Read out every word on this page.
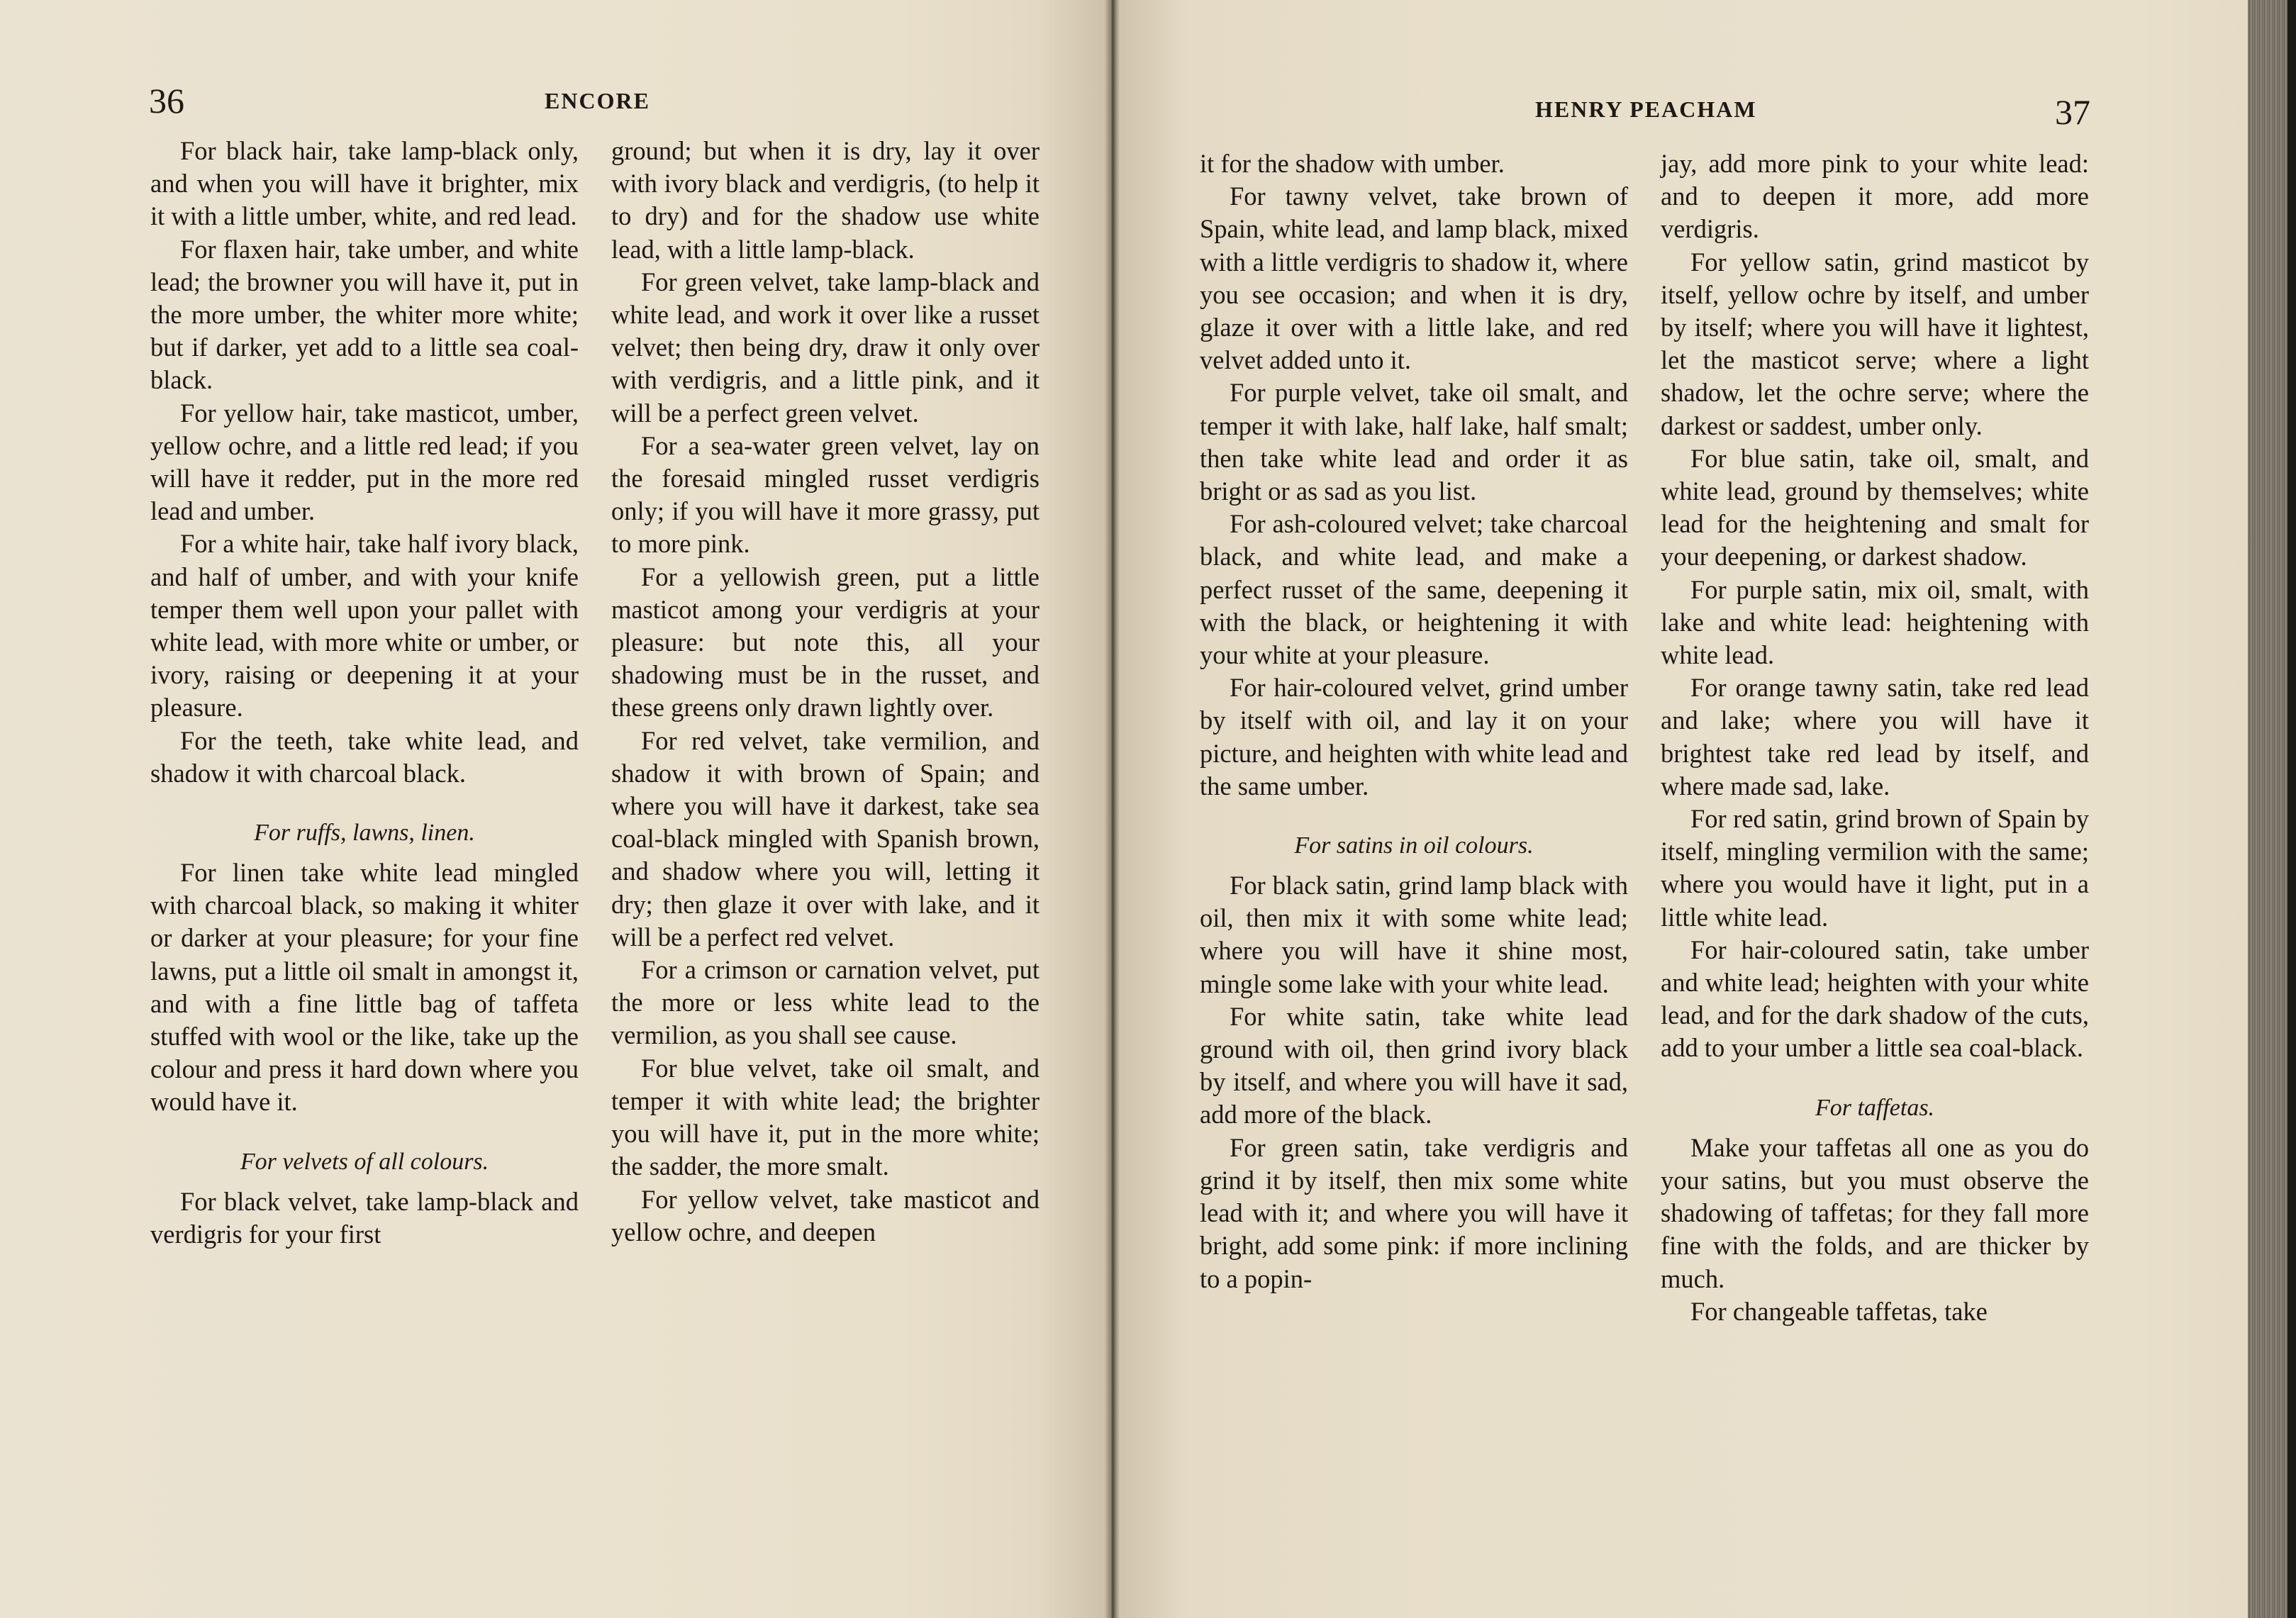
36	ENCORE

For black hair, take lamp-black only, and when you will have it brighter, mix it with a little umber, white, and red lead.

For flaxen hair, take umber, and white lead; the browner you will have it, put in the more umber, the whiter more white; but if darker, yet add to a little sea coal-black.

For yellow hair, take masticot, umber, yellow ochre, and a little red lead; if you will have it redder, put in the more red lead and umber.

For a white hair, take half ivory black, and half of umber, and with your knife temper them well upon your pallet with white lead, with more white or umber, or ivory, raising or deepening it at your pleasure.

For the teeth, take white lead, and shadow it with charcoal black.

For ruffs, lawns, linen.

For linen take white lead mingled with charcoal black, so making it whiter or darker at your pleasure; for your fine lawns, put a little oil smalt in amongst it, and with a fine little bag of taffeta stuffed with wool or the like, take up the colour and press it hard down where you would have it.

For velvets of all colours.

For black velvet, take lamp-black and verdigris for your first

ground; but when it is dry, lay it over with ivory black and verdigris, (to help it to dry) and for the shadow use white lead, with a little lamp-black.

For green velvet, take lamp-black and white lead, and work it over like a russet velvet; then being dry, draw it only over with verdigris, and a little pink, and it will be a perfect green velvet.

For a sea-water green velvet, lay on the foresaid mingled russet verdigris only; if you will have it more grassy, put to more pink.

For a yellowish green, put a little masticot among your verdigris at your pleasure: but note this, all your shadowing must be in the russet, and these greens only drawn lightly over.

For red velvet, take vermilion, and shadow it with brown of Spain; and where you will have it darkest, take sea coal-black mingled with Spanish brown, and shadow where you will, letting it dry; then glaze it over with lake, and it will be a perfect red velvet.

For a crimson or carnation velvet, put the more or less white lead to the vermilion, as you shall see cause.

For blue velvet, take oil smalt, and temper it with white lead; the brighter you will have it, put in the more white; the sadder, the more smalt.

For yellow velvet, take masticot and yellow ochre, and deepen

HENRY PEACHAM	37

it for the shadow with umber.

For tawny velvet, take brown of Spain, white lead, and lamp black, mixed with a little verdigris to shadow it, where you see occasion; and when it is dry, glaze it over with a little lake, and red velvet added unto it.

For purple velvet, take oil smalt, and temper it with lake, half lake, half smalt; then take white lead and order it as bright or as sad as you list.

For ash-coloured velvet; take charcoal black, and white lead, and make a perfect russet of the same, deepening it with the black, or heightening it with your white at your pleasure.

For hair-coloured velvet, grind umber by itself with oil, and lay it on your picture, and heighten with white lead and the same umber.

For satins in oil colours.

For black satin, grind lamp black with oil, then mix it with some white lead; where you will have it shine most, mingle some lake with your white lead.

For white satin, take white lead ground with oil, then grind ivory black by itself, and where you will have it sad, add more of the black.

For green satin, take verdigris and grind it by itself, then mix some white lead with it; and where you will have it bright, add some pink: if more inclining to a popin-

jay, add more pink to your white lead: and to deepen it more, add more verdigris.

For yellow satin, grind masticot by itself, yellow ochre by itself, and umber by itself; where you will have it lightest, let the masticot serve; where a light shadow, let the ochre serve; where the darkest or saddest, umber only.

For blue satin, take oil, smalt, and white lead, ground by themselves; white lead for the heightening and smalt for your deepening, or darkest shadow.

For purple satin, mix oil, smalt, with lake and white lead: heightening with white lead.

For orange tawny satin, take red lead and lake; where you will have it brightest take red lead by itself, and where made sad, lake.

For red satin, grind brown of Spain by itself, mingling vermilion with the same; where you would have it light, put in a little white lead.

For hair-coloured satin, take umber and white lead; heighten with your white lead, and for the dark shadow of the cuts, add to your umber a little sea coal-black.

For taffetas.

Make your taffetas all one as you do your satins, but you must observe the shadowing of taffetas; for they fall more fine with the folds, and are thicker by much.

For changeable taffetas, take
